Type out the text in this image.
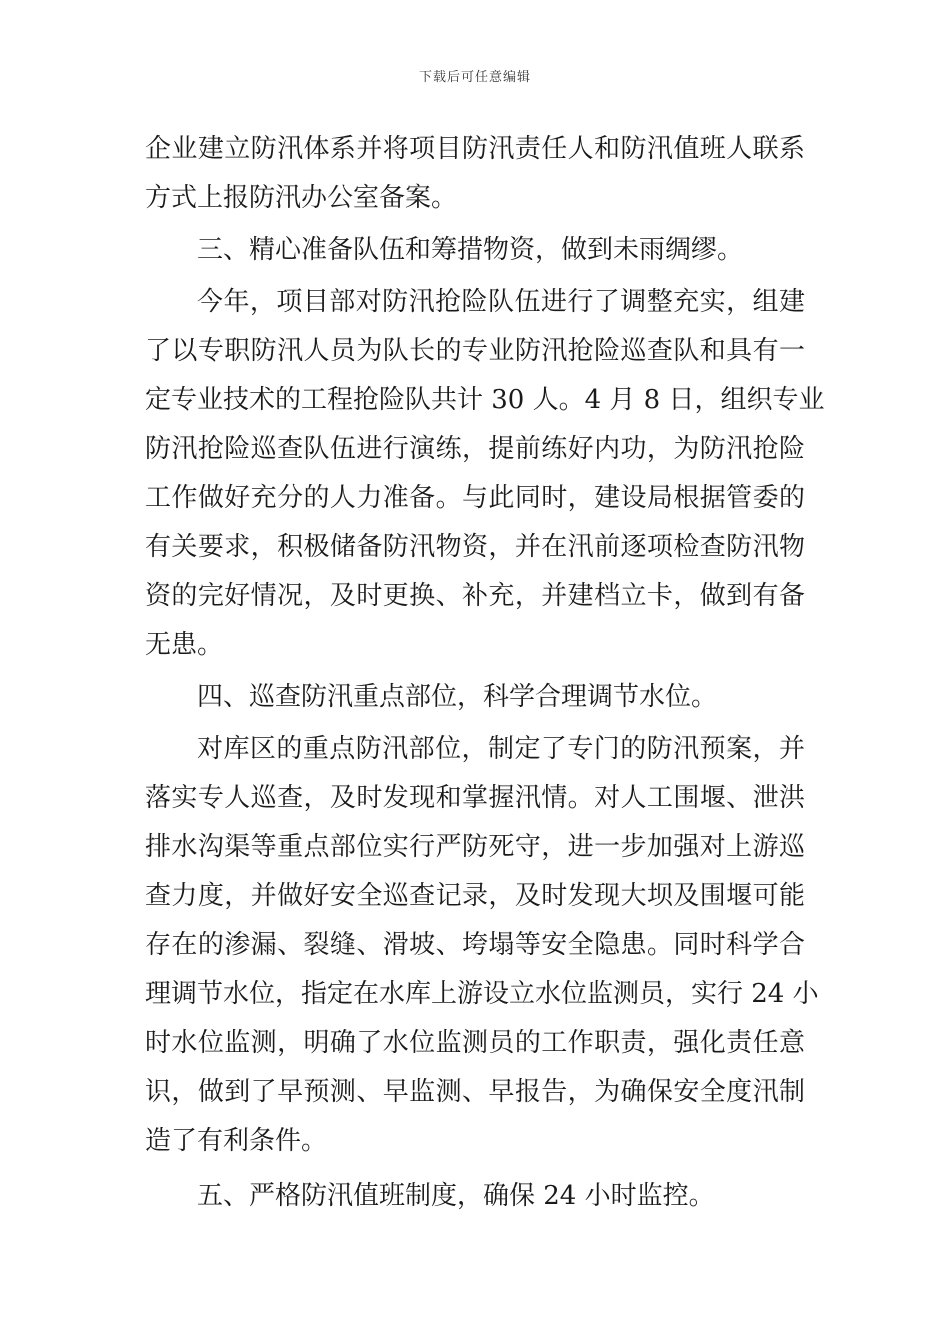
下载后可任意编辑
企业建立防汛体系并将项目防汛责任人和防汛值班人联系
方式上报防汛办公室备案。
三、精心准备队伍和筹措物资，做到未雨绸缪。
今年，项目部对防汛抢险队伍进行了调整充实，组建
了以专职防汛人员为队长的专业防汛抢险巡查队和具有一
定专业技术的工程抢险队共计 30 人。4 月 8 日，组织专业
防汛抢险巡查队伍进行演练，提前练好内功，为防汛抢险
工作做好充分的人力准备。与此同时，建设局根据管委的
有关要求，积极储备防汛物资，并在汛前逐项检查防汛物
资的完好情况，及时更换、补充，并建档立卡，做到有备
无患。
四、巡查防汛重点部位，科学合理调节水位。
对库区的重点防汛部位，制定了专门的防汛预案，并
落实专人巡查，及时发现和掌握汛情。对人工围堰、泄洪
排水沟渠等重点部位实行严防死守，进一步加强对上游巡
查力度，并做好安全巡查记录，及时发现大坝及围堰可能
存在的渗漏、裂缝、滑坡、垮塌等安全隐患。同时科学合
理调节水位，指定在水库上游设立水位监测员，实行 24 小
时水位监测，明确了水位监测员的工作职责，强化责任意
识，做到了早预测、早监测、早报告，为确保安全度汛制
造了有利条件。
五、严格防汛值班制度，确保 24 小时监控。
